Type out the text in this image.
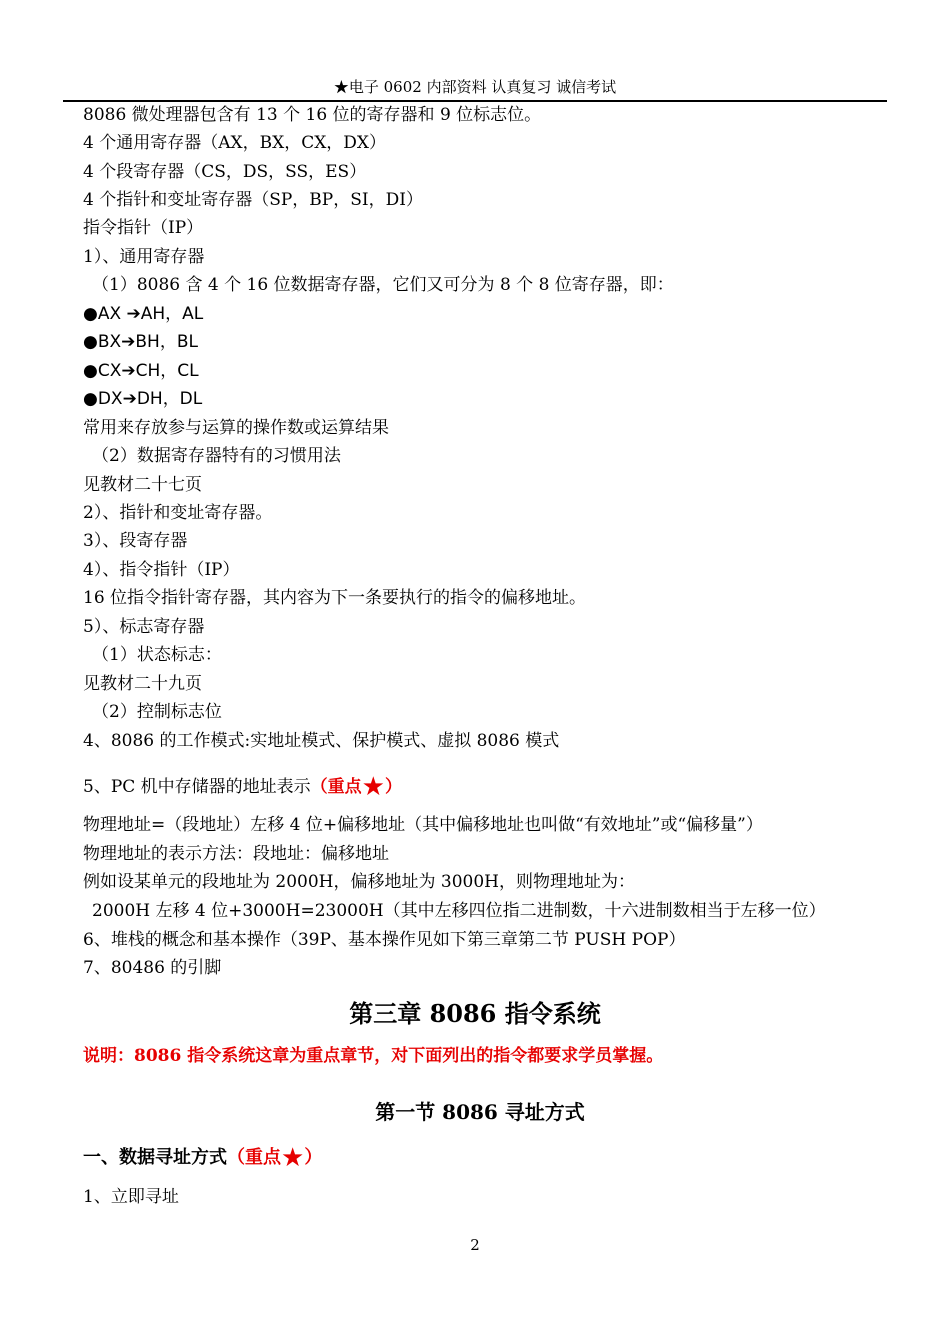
★电子 0602 内部资料 认真复习 诚信考试
8086 微处理器包含有 13 个 16 位的寄存器和 9 位标志位。
4 个通用寄存器（AX，BX，CX，DX）
4 个段寄存器（CS，DS，SS，ES）
4 个指针和变址寄存器（SP，BP，SI，DI）
指令指针（IP）
1）、通用寄存器
（1）8086 含 4 个 16 位数据寄存器，它们又可分为 8 个 8 位寄存器，即：
●AX ➔AH，AL
●BX➔BH，BL
●CX➔CH，CL
●DX➔DH，DL
常用来存放参与运算的操作数或运算结果
（2）数据寄存器特有的习惯用法
见教材二十七页
2）、指针和变址寄存器。
3）、段寄存器
4）、指令指针（IP）
16 位指令指针寄存器，其内容为下一条要执行的指令的偏移地址。
5）、标志寄存器
（1）状态标志：
见教材二十九页
（2）控制标志位
4、8086 的工作模式:实地址模式、保护模式、虚拟 8086 模式
5、PC 机中存储器的地址表示（重点★）
物理地址=（段地址）左移 4 位+偏移地址（其中偏移地址也叫做“有效地址”或“偏移量”）
物理地址的表示方法：段地址：偏移地址
例如设某单元的段地址为 2000H，偏移地址为 3000H，则物理地址为：
2000H 左移 4 位+3000H=23000H（其中左移四位指二进制数，十六进制数相当于左移一位）
6、堆栈的概念和基本操作（39P、基本操作见如下第三章第二节 PUSH POP）
7、80486 的引脚
第三章 8086 指令系统
说明：8086 指令系统这章为重点章节，对下面列出的指令都要求学员掌握。
第一节 8086 寻址方式
一、数据寻址方式（重点★）
1、立即寻址
2
